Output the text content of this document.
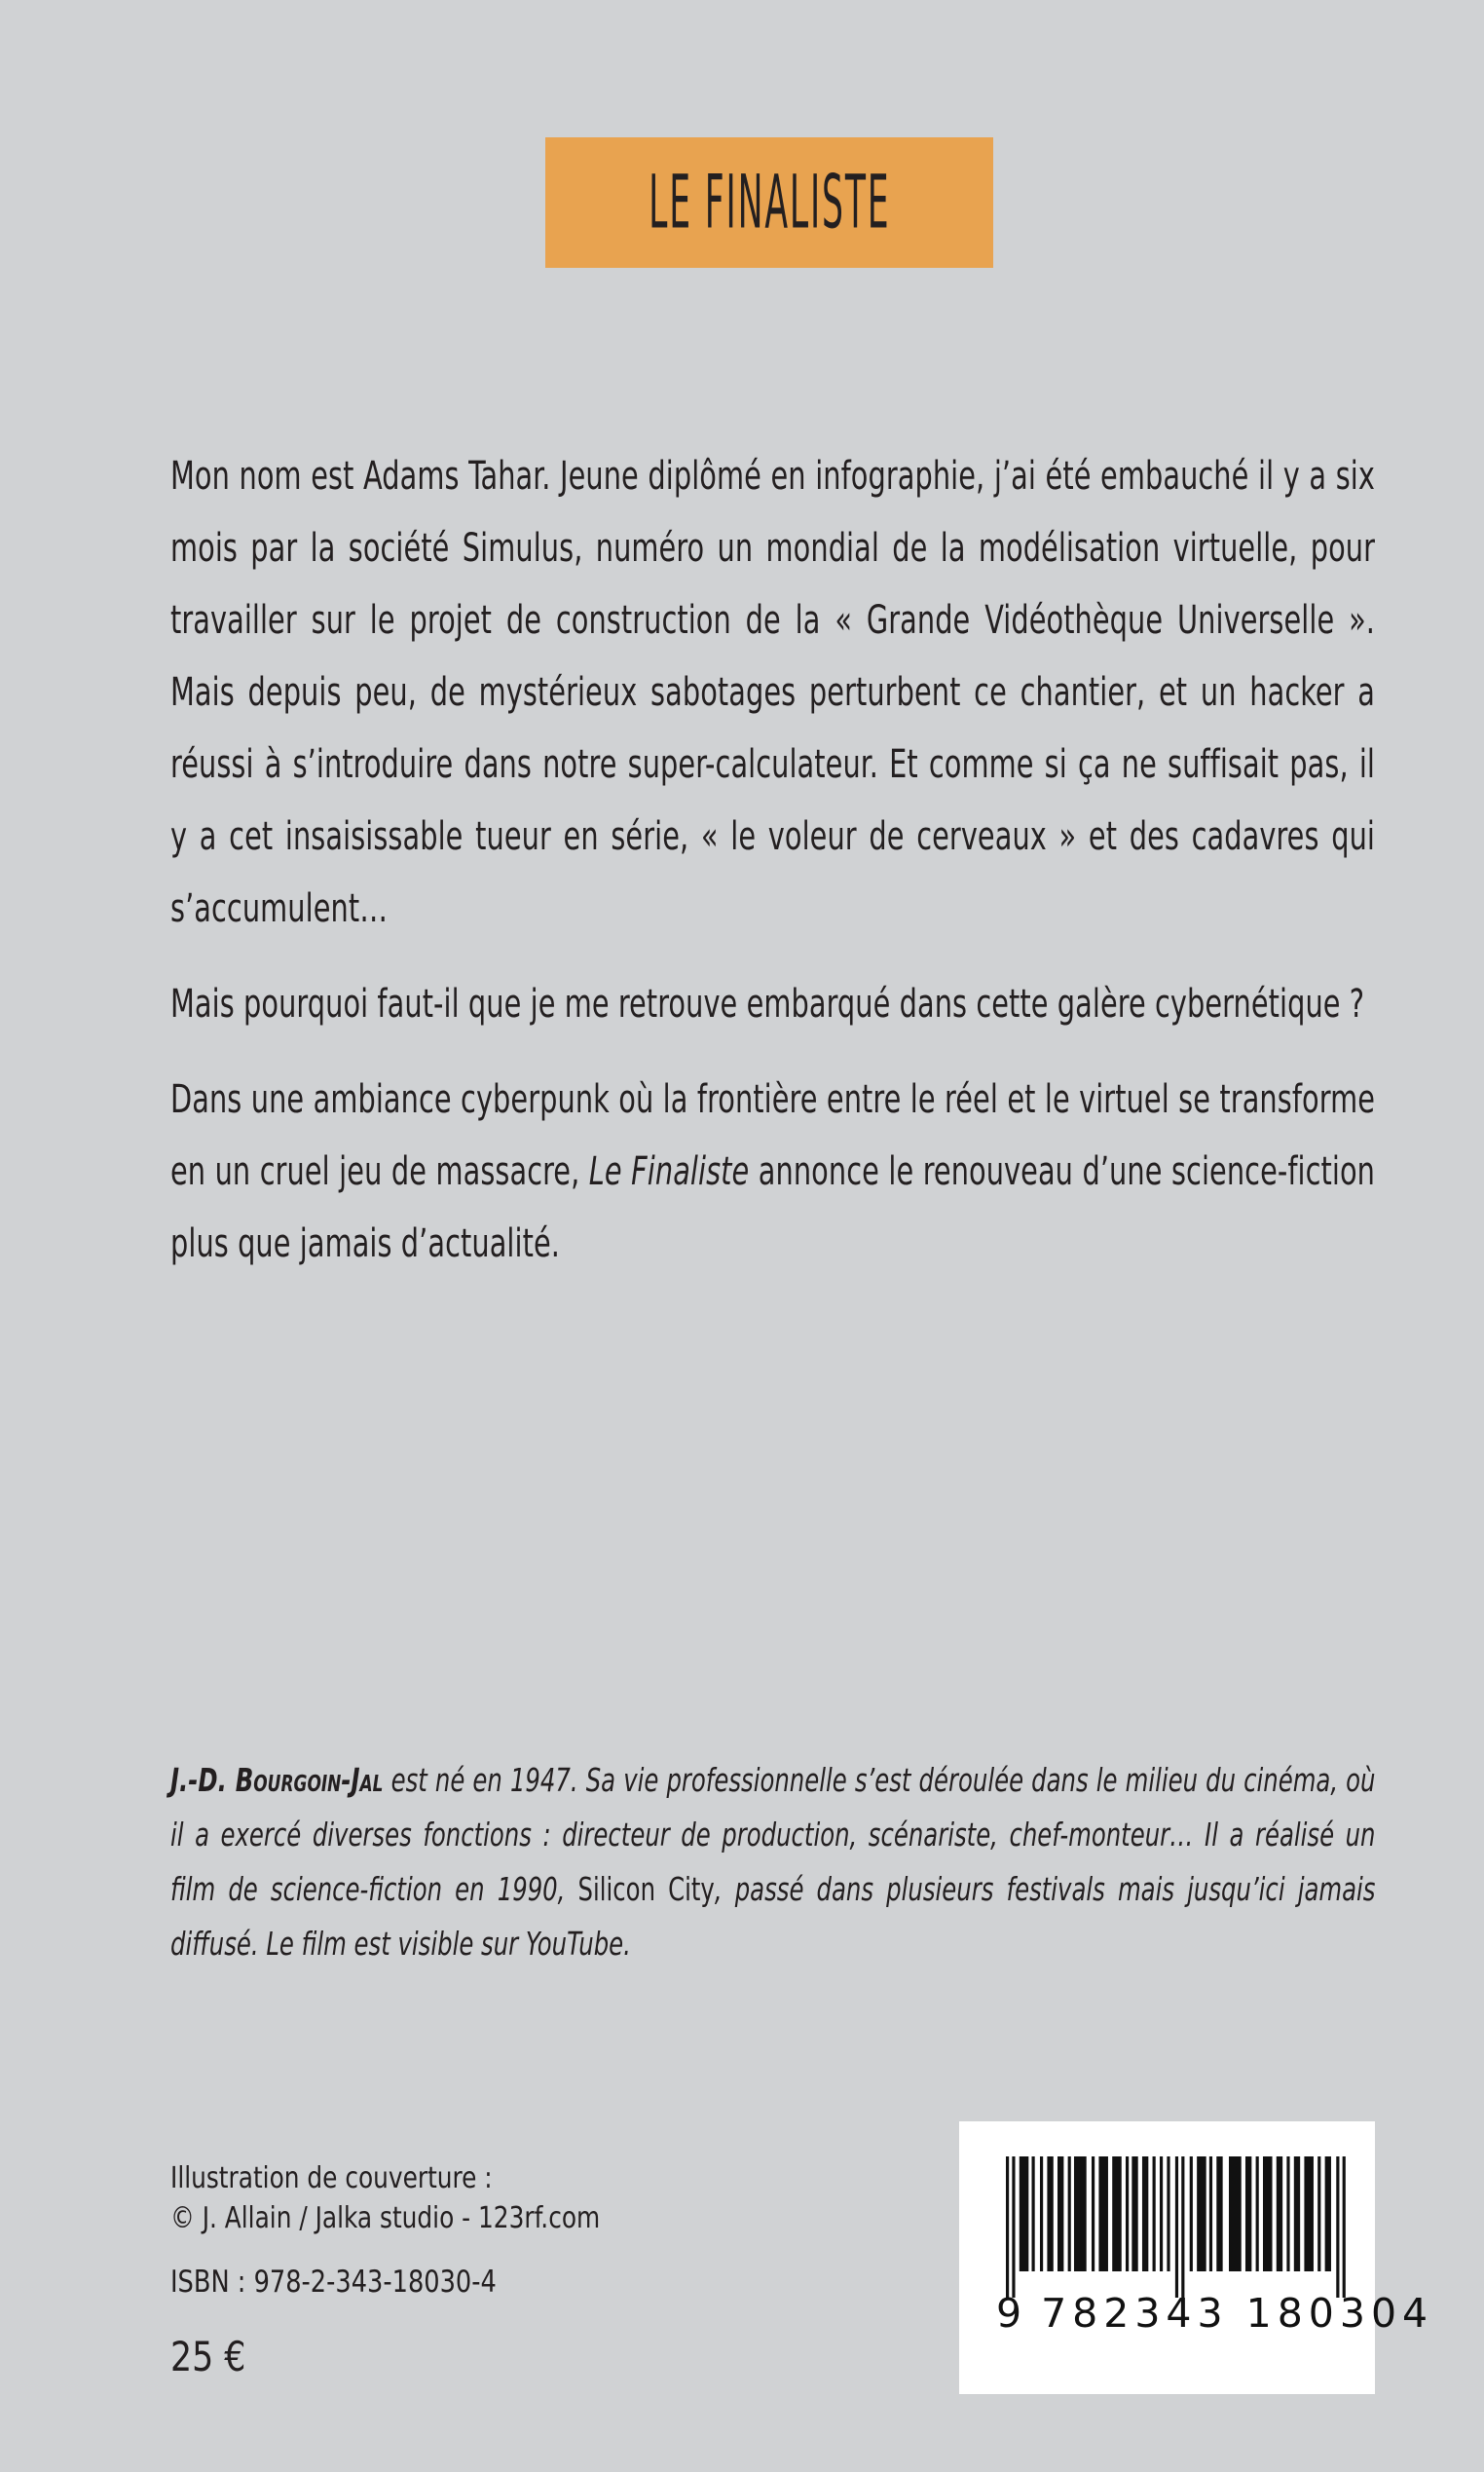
LE FINALISTE

Mon nom est Adams Tahar. Jeune diplômé en infographie, j’ai été embauché il y a six mois par la société Simulus, numéro un mondial de la modélisation virtuelle, pour travailler sur le projet de construction de la « Grande Vidéothèque Universelle ». Mais depuis peu, de mystérieux sabotages perturbent ce chantier, et un hacker a réussi à s’introduire dans notre super-calculateur. Et comme si ça ne suffisait pas, il y a cet insaisissable tueur en série, « le voleur de cerveaux » et des cadavres qui s’accumulent…

Mais pourquoi faut-il que je me retrouve embarqué dans cette galère cybernétique ?

Dans une ambiance cyberpunk où la frontière entre le réel et le virtuel se transforme en un cruel jeu de massacre, Le Finaliste annonce le renouveau d’une science-fiction plus que jamais d’actualité.

J.-D. Bourgoin-Jal est né en 1947. Sa vie professionnelle s’est déroulée dans le milieu du cinéma, où il a exercé diverses fonctions : directeur de production, scénariste, chef-monteur… Il a réalisé un film de science-fiction en 1990, Silicon City, passé dans plusieurs festivals mais jusqu’ici jamais diffusé. Le film est visible sur YouTube.

Illustration de couverture :
© J. Allain / Jalka studio - 123rf.com
ISBN : 978-2-343-18030-4
25 €
9 782343 180304
